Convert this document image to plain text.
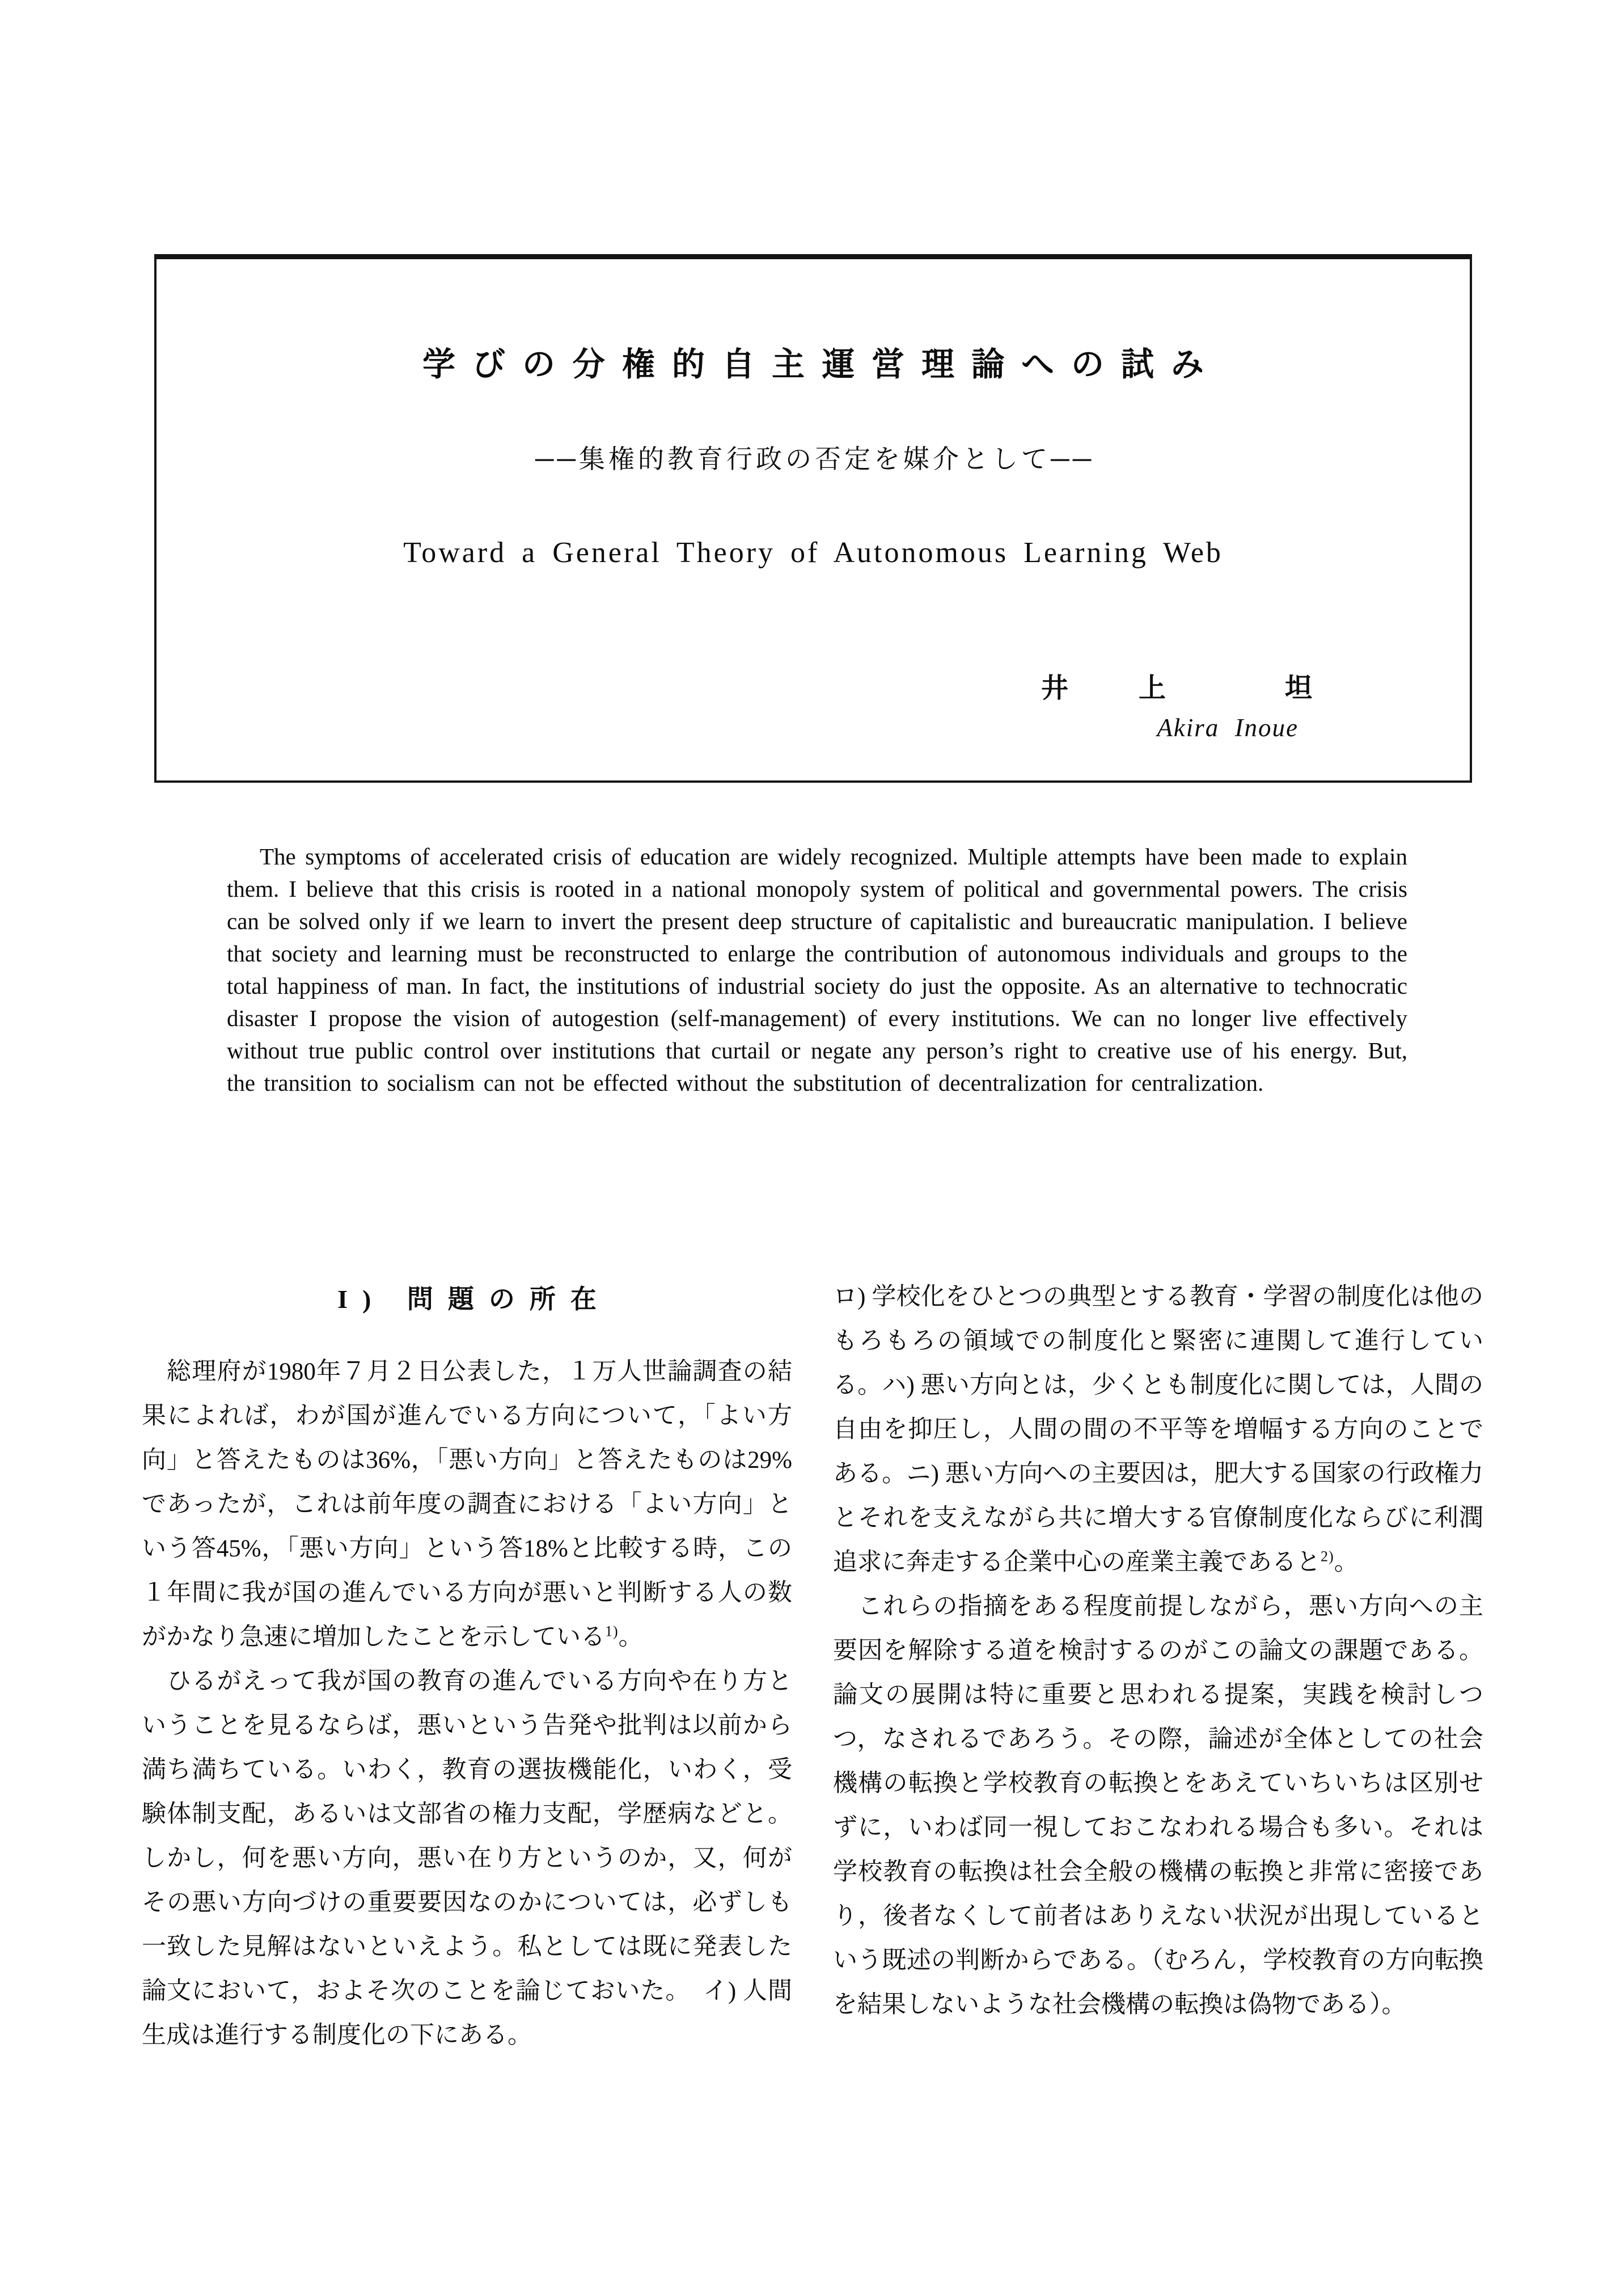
学びの分権的自主運営理論への試み
──集権的教育行政の否定を媒介として──
Toward a General Theory of Autonomous Learning Web
井　上　　坦
Akira Inoue

The symptoms of accelerated crisis of education are widely recognized. Multiple attempts have been made to explain them. I believe that this crisis is rooted in a national monopoly system of political and governmental powers. The crisis can be solved only if we learn to invert the present deep structure of capitalistic and bureaucratic manipulation. I believe that society and learning must be reconstructed to enlarge the contribution of autonomous individuals and groups to the total happiness of man. In fact, the institutions of industrial society do just the opposite. As an alternative to technocratic disaster I propose the vision of autogestion (self-management) of every institutions. We can no longer live effectively without true public control over institutions that curtail or negate any person’s right to creative use of his energy. But, the transition to socialism can not be effected without the substitution of decentralization for centralization.

I) 問題の所在

総理府が1980年７月２日公表した，１万人世論調査の結果によれば，わが国が進んでいる方向について，「よい方向」と答えたものは36%，「悪い方向」と答えたものは29%であったが，これは前年度の調査における「よい方向」という答45%，「悪い方向」という答18%と比較する時，この１年間に我が国の進んでいる方向が悪いと判断する人の数がかなり急速に増加したことを示している$^{1)}$。

ひるがえって我が国の教育の進んでいる方向や在り方ということを見るならば，悪いという告発や批判は以前から満ち満ちている。いわく，教育の選抜機能化，いわく，受験体制支配，あるいは文部省の権力支配，学歴病などと。しかし，何を悪い方向，悪い在り方というのか，又，何がその悪い方向づけの重要要因なのかについては，必ずしも一致した見解はないといえよう。私としては既に発表した論文において，およそ次のことを論じておいた。　イ) 人間生成は進行する制度化の下にある。

ロ) 学校化をひとつの典型とする教育・学習の制度化は他のもろもろの領域での制度化と緊密に連関して進行している。ハ) 悪い方向とは，少くとも制度化に関しては，人間の自由を抑圧し，人間の間の不平等を増幅する方向のことである。ニ) 悪い方向への主要因は，肥大する国家の行政権力とそれを支えながら共に増大する官僚制度化ならびに利潤追求に奔走する企業中心の産業主義であると$^{2)}$。

これらの指摘をある程度前提しながら，悪い方向への主要因を解除する道を検討するのがこの論文の課題である。論文の展開は特に重要と思われる提案，実践を検討しつつ，なされるであろう。その際，論述が全体としての社会機構の転換と学校教育の転換とをあえていちいちは区別せずに，いわば同一視しておこなわれる場合も多い。それは学校教育の転換は社会全般の機構の転換と非常に密接であり，後者なくして前者はありえない状況が出現しているという既述の判断からである。（むろん，学校教育の方向転換を結果しないような社会機構の転換は偽物である）。
